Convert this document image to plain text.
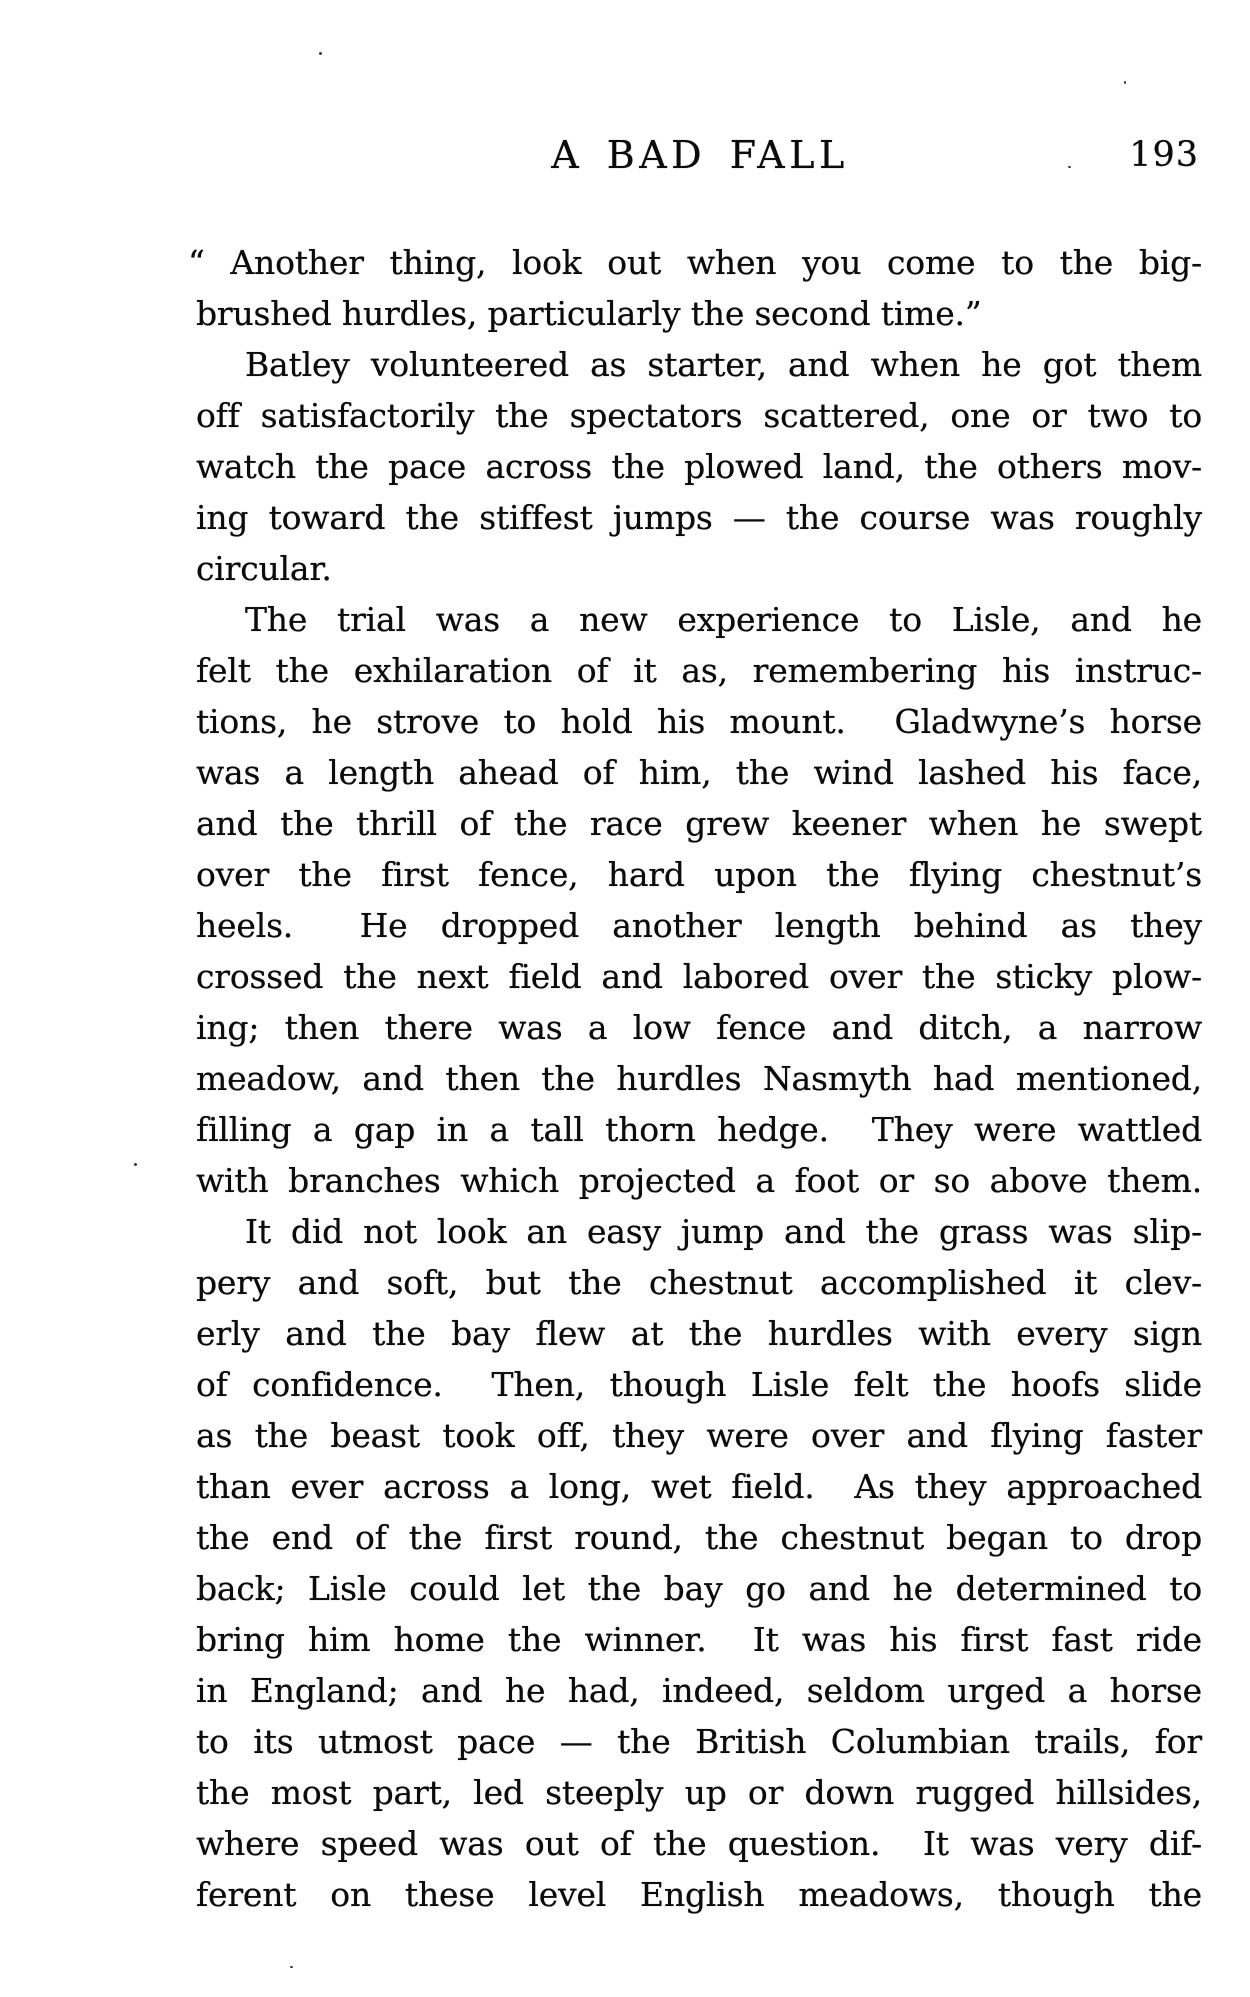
A BAD FALL	193
“ Another thing, look out when you come to the big-
brushed hurdles, particularly the second time.”
Batley volunteered as starter, and when he got them
off satisfactorily the spectators scattered, one or two to
watch the pace across the plowed land, the others mov-
ing toward the stiffest jumps — the course was roughly
circular.
The trial was a new experience to Lisle, and he
felt the exhilaration of it as, remembering his instruc-
tions, he strove to hold his mount.  Gladwyne’s horse
was a length ahead of him, the wind lashed his face,
and the thrill of the race grew keener when he swept
over the first fence, hard upon the flying chestnut’s
heels.  He dropped another length behind as they
crossed the next field and labored over the sticky plow-
ing; then there was a low fence and ditch, a narrow
meadow, and then the hurdles Nasmyth had mentioned,
filling a gap in a tall thorn hedge.  They were wattled
with branches which projected a foot or so above them.
It did not look an easy jump and the grass was slip-
pery and soft, but the chestnut accomplished it clev-
erly and the bay flew at the hurdles with every sign
of confidence.  Then, though Lisle felt the hoofs slide
as the beast took off, they were over and flying faster
than ever across a long, wet field.  As they approached
the end of the first round, the chestnut began to drop
back; Lisle could let the bay go and he determined to
bring him home the winner.  It was his first fast ride
in England; and he had, indeed, seldom urged a horse
to its utmost pace — the British Columbian trails, for
the most part, led steeply up or down rugged hillsides,
where speed was out of the question.  It was very dif-
ferent on these level English meadows, though the
